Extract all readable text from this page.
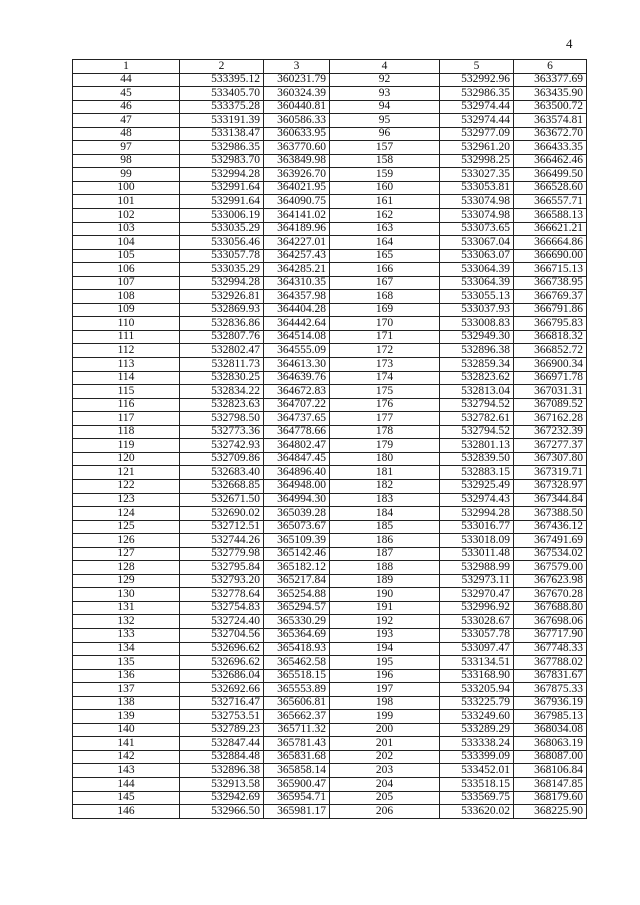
4
1	2	3	4	5	6
44	533395.12	360231.79	92	532992.96	363377.69
45	533405.70	360324.39	93	532986.35	363435.90
46	533375.28	360440.81	94	532974.44	363500.72
47	533191.39	360586.33	95	532974.44	363574.81
48	533138.47	360633.95	96	532977.09	363672.70
97	532986.35	363770.60	157	532961.20	366433.35
98	532983.70	363849.98	158	532998.25	366462.46
99	532994.28	363926.70	159	533027.35	366499.50
100	532991.64	364021.95	160	533053.81	366528.60
101	532991.64	364090.75	161	533074.98	366557.71
102	533006.19	364141.02	162	533074.98	366588.13
103	533035.29	364189.96	163	533073.65	366621.21
104	533056.46	364227.01	164	533067.04	366664.86
105	533057.78	364257.43	165	533063.07	366690.00
106	533035.29	364285.21	166	533064.39	366715.13
107	532994.28	364310.35	167	533064.39	366738.95
108	532926.81	364357.98	168	533055.13	366769.37
109	532869.93	364404.28	169	533037.93	366791.86
110	532836.86	364442.64	170	533008.83	366795.83
111	532807.76	364514.08	171	532949.30	366818.32
112	532802.47	364555.09	172	532896.38	366852.72
113	532811.73	364613.30	173	532859.34	366900.34
114	532830.25	364639.76	174	532823.62	366971.78
115	532834.22	364672.83	175	532813.04	367031.31
116	532823.63	364707.22	176	532794.52	367089.52
117	532798.50	364737.65	177	532782.61	367162.28
118	532773.36	364778.66	178	532794.52	367232.39
119	532742.93	364802.47	179	532801.13	367277.37
120	532709.86	364847.45	180	532839.50	367307.80
121	532683.40	364896.40	181	532883.15	367319.71
122	532668.85	364948.00	182	532925.49	367328.97
123	532671.50	364994.30	183	532974.43	367344.84
124	532690.02	365039.28	184	532994.28	367388.50
125	532712.51	365073.67	185	533016.77	367436.12
126	532744.26	365109.39	186	533018.09	367491.69
127	532779.98	365142.46	187	533011.48	367534.02
128	532795.84	365182.12	188	532988.99	367579.00
129	532793.20	365217.84	189	532973.11	367623.98
130	532778.64	365254.88	190	532970.47	367670.28
131	532754.83	365294.57	191	532996.92	367688.80
132	532724.40	365330.29	192	533028.67	367698.06
133	532704.56	365364.69	193	533057.78	367717.90
134	532696.62	365418.93	194	533097.47	367748.33
135	532696.62	365462.58	195	533134.51	367788.02
136	532686.04	365518.15	196	533168.90	367831.67
137	532692.66	365553.89	197	533205.94	367875.33
138	532716.47	365606.81	198	533225.79	367936.19
139	532753.51	365662.37	199	533249.60	367985.13
140	532789.23	365711.32	200	533289.29	368034.08
141	532847.44	365781.43	201	533338.24	368063.19
142	532884.48	365831.68	202	533399.09	368087.00
143	532896.38	365858.14	203	533452.01	368106.84
144	532913.58	365900.47	204	533518.15	368147.85
145	532942.69	365954.71	205	533569.75	368179.60
146	532966.50	365981.17	206	533620.02	368225.90
